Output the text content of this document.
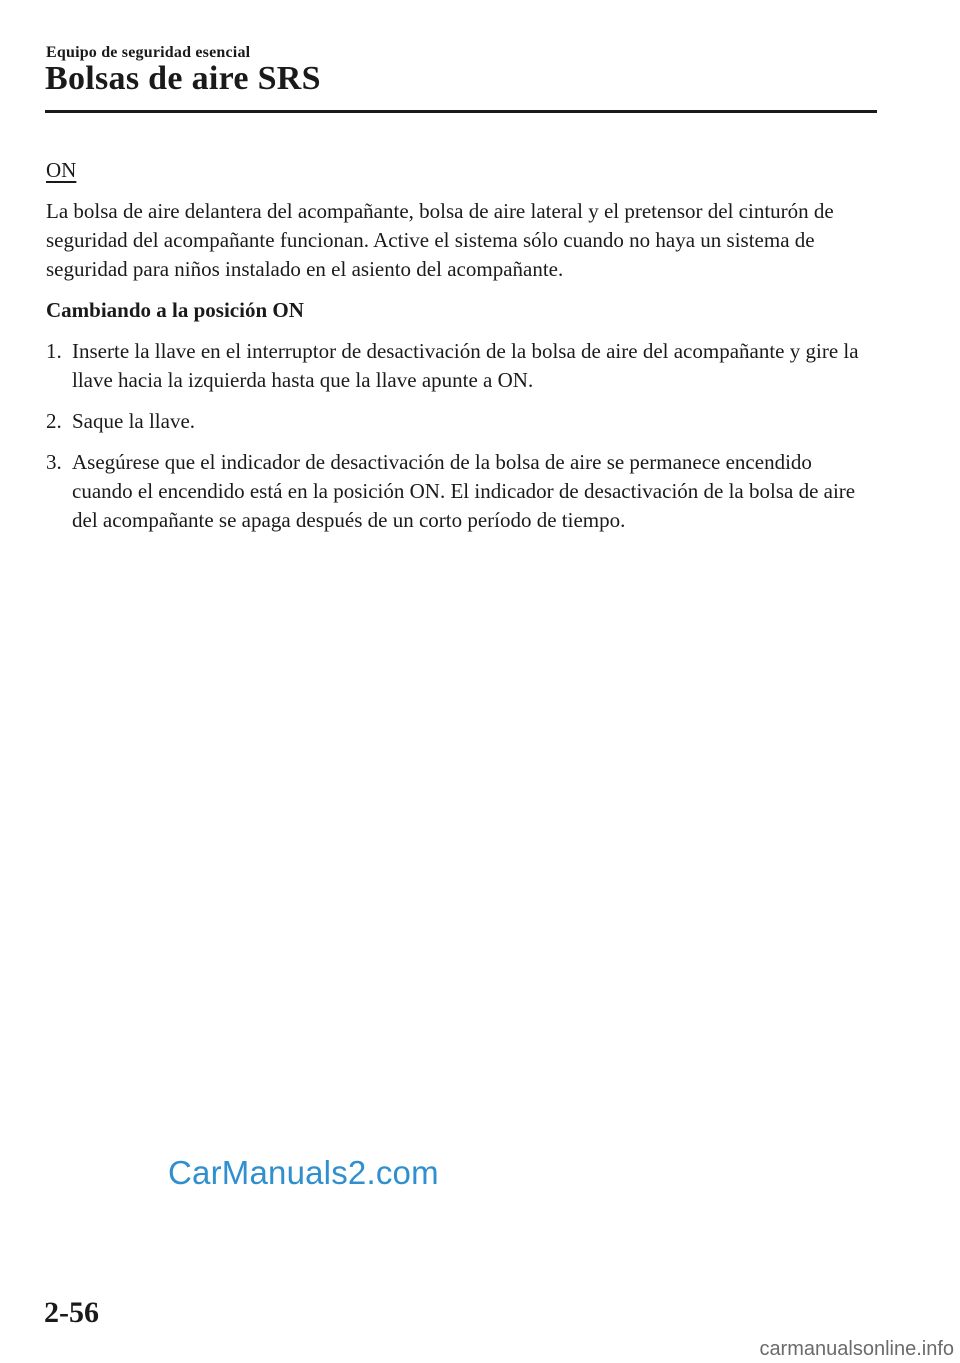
Equipo de seguridad esencial
Bolsas de aire SRS
ON

La bolsa de aire delantera del acompañante, bolsa de aire lateral y el pretensor del cinturón de seguridad del acompañante funcionan. Active el sistema sólo cuando no haya un sistema de seguridad para niños instalado en el asiento del acompañante.

Cambiando a la posición ON

1. Inserte la llave en el interruptor de desactivación de la bolsa de aire del acompañante y gire la llave hacia la izquierda hasta que la llave apunte a ON.
2. Saque la llave.
3. Asegúrese que el indicador de desactivación de la bolsa de aire se permanece encendido cuando el encendido está en la posición ON. El indicador de desactivación de la bolsa de aire del acompañante se apaga después de un corto período de tiempo.
CarManuals2.com
2-56
carmanualsonline.info
